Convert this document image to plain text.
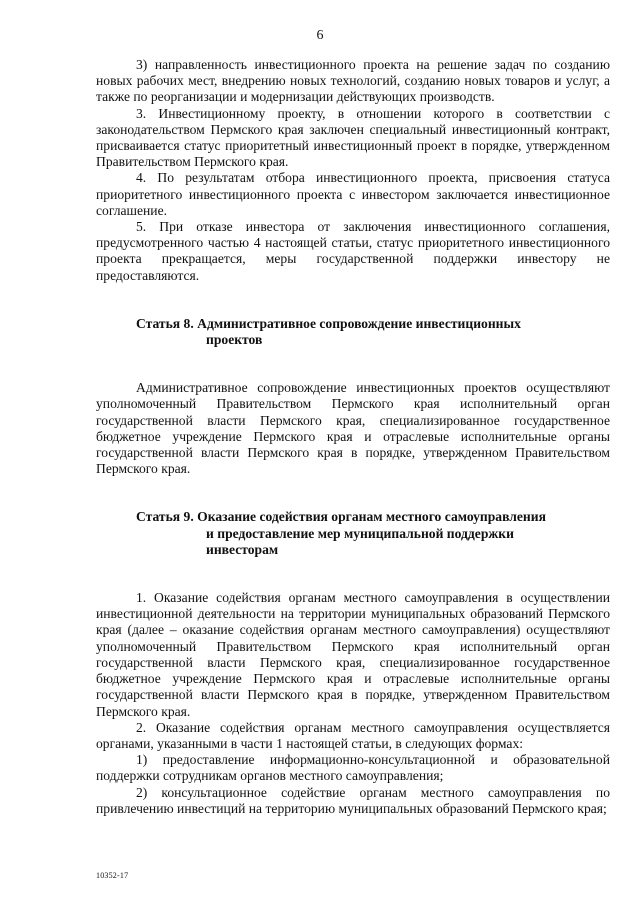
6

3) направленность инвестиционного проекта на решение задач по созданию новых рабочих мест, внедрению новых технологий, созданию новых товаров и услуг, а также по реорганизации и модернизации действующих производств.

3. Инвестиционному проекту, в отношении которого в соответствии с законодательством Пермского края заключен специальный инвестиционный контракт, присваивается статус приоритетный инвестиционный проект в порядке, утвержденном Правительством Пермского края.

4. По результатам отбора инвестиционного проекта, присвоения статуса приоритетного инвестиционного проекта с инвестором заключается инвестиционное соглашение.

5. При отказе инвестора от заключения инвестиционного соглашения, предусмотренного частью 4 настоящей статьи, статус приоритетного инвестиционного проекта прекращается, меры государственной поддержки инвестору не предоставляются.

Статья 8. Административное сопровождение инвестиционных
проектов

Административное сопровождение инвестиционных проектов осуществляют уполномоченный Правительством Пермского края исполнительный орган государственной власти Пермского края, специализированное государственное бюджетное учреждение Пермского края и отраслевые исполнительные органы государственной власти Пермского края в порядке, утвержденном Правительством Пермского края.

Статья 9. Оказание содействия органам местного самоуправления
и предоставление мер муниципальной поддержки
инвесторам

1. Оказание содействия органам местного самоуправления в осуществлении инвестиционной деятельности на территории муниципальных образований Пермского края (далее – оказание содействия органам местного самоуправления) осуществляют уполномоченный Правительством Пермского края исполнительный орган государственной власти Пермского края, специализированное государственное бюджетное учреждение Пермского края и отраслевые исполнительные органы государственной власти Пермского края в порядке, утвержденном Правительством Пермского края.

2. Оказание содействия органам местного самоуправления осуществляется органами, указанными в части 1 настоящей статьи, в следующих формах:

1) предоставление информационно-консультационной и образовательной поддержки сотрудникам органов местного самоуправления;

2) консультационное содействие органам местного самоуправления по привлечению инвестиций на территорию муниципальных образований Пермского края;

10352-17
